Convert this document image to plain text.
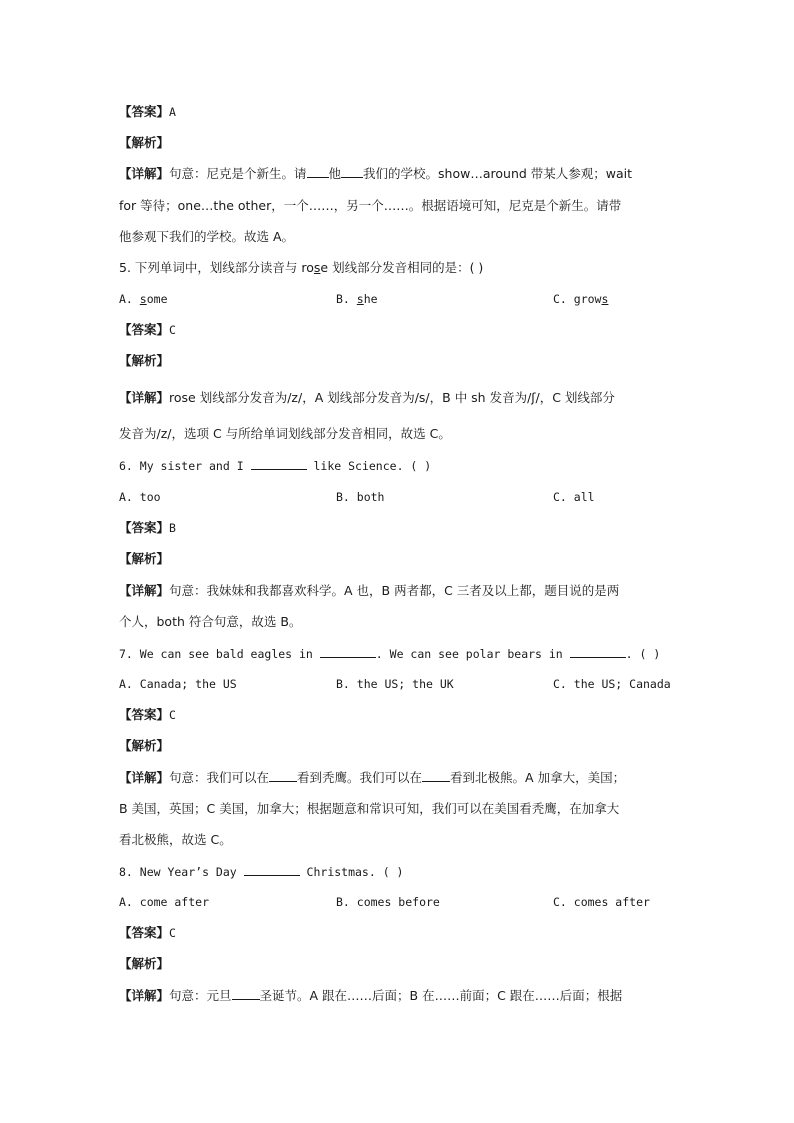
【答案】A
【解析】
【详解】句意：尼克是个新生。请 他 我们的学校。show…around 带某人参观；wait
for 等待；one…the other，一个……，另一个……。根据语境可知，尼克是个新生。请带
他参观下我们的学校。故选 A。
5. 下列单词中，划线部分读音与 rose 划线部分发音相同的是：( )
A. some	B. she	C. grows
【答案】C
【解析】
【详解】rose 划线部分发音为/z/，A 划线部分发音为/s/，B 中 sh 发音为/ʃ/，C 划线部分
发音为/z/，选项 C 与所给单词划线部分发音相同，故选 C。
6. My sister and I	like Science. ( )
A. too	B. both	C. all
【答案】B
【解析】
【详解】句意：我妹妹和我都喜欢科学。A 也，B 两者都，C 三者及以上都，题目说的是两
个人，both 符合句意，故选 B。
7. We can see bald eagles in	. We can see polar bears in	. ( )
A. Canada; the US	B. the US; the UK	C. the US; Canada
【答案】C
【解析】
【详解】句意：我们可以在 看到秃鹰。我们可以在 看到北极熊。A 加拿大，美国；
B 美国，英国；C 美国，加拿大；根据题意和常识可知，我们可以在美国看秃鹰，在加拿大
看北极熊，故选 C。
8. New Year’s Day	Christmas. ( )
A. come after	B. comes before	C. comes after
【答案】C
【解析】
【详解】句意：元旦 圣诞节。A 跟在……后面；B 在……前面；C 跟在……后面；根据
